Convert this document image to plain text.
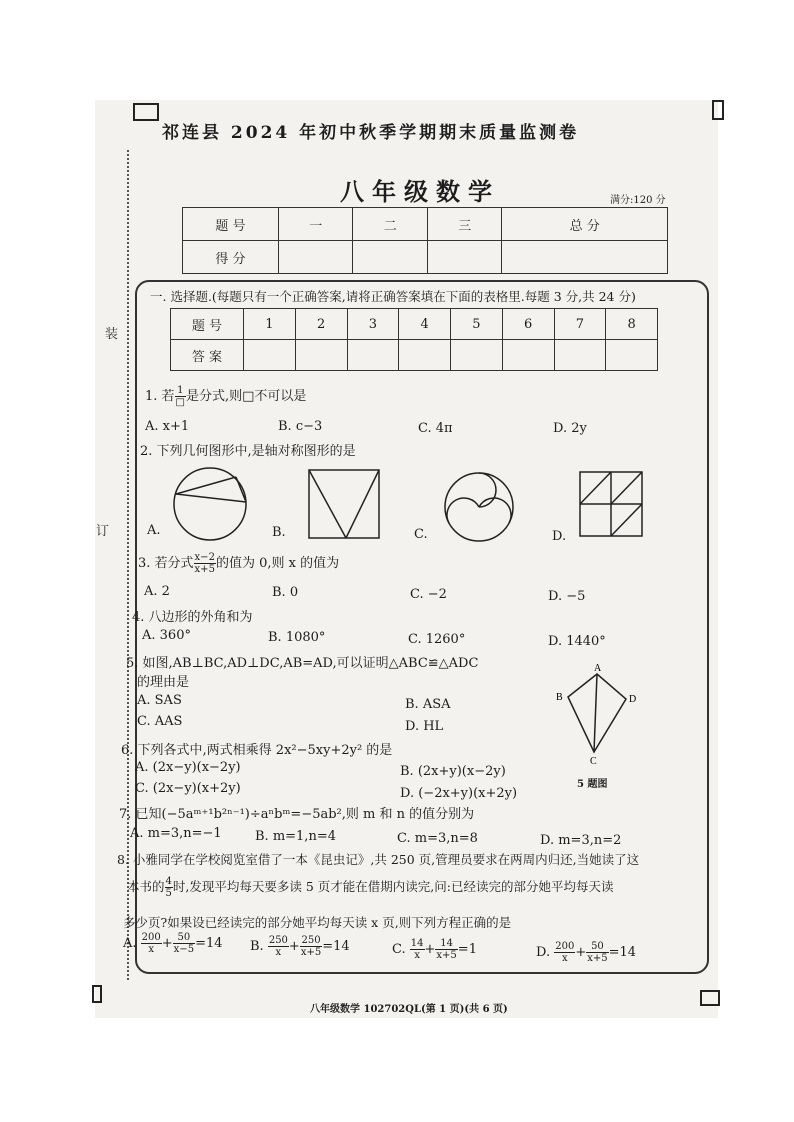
装
订
祁连县 2024 年初中秋季学期期末质量监测卷
八年级数学	满分:120 分
题 号	一	二	三	总 分
得 分				
一. 选择题.(每题只有一个正确答案,请将正确答案填在下面的表格里.每题 3 分,共 24 分)
题 号	1	2	3	4	5	6	7	8
答 案								
1. 若 $\frac{1}{□}$ 是分式,则□不可以是
A. x+1	B. c−3	C. 4π	D. 2y
2. 下列几何图形中,是轴对称图形的是
A.	B.	C.	D.
3. 若分式 $\frac{x-2}{x+5}$ 的值为 0,则 x 的值为
A. 2	B. 0	C. −2	D. −5
4. 八边形的外角和为
A. 360°	B. 1080°	C. 1260°	D. 1440°
5. 如图,AB⊥BC,AD⊥DC,AB=AD,可以证明△ABC≌△ADC
的理由是
A. SAS	B. ASA
C. AAS	D. HL
A
B
C
D
5 题图
6. 下列各式中,两式相乘得 2x²−5xy+2y² 的是
A. (2x−y)(x−2y)	B. (2x+y)(x−2y)
C. (2x−y)(x+2y)	D. (−2x+y)(x+2y)
7. 已知(−5aᵐ⁺¹b²ⁿ⁻¹)÷aⁿbᵐ=−5ab²,则 m 和 n 的值分别为
A. m=3,n=−1	B. m=1,n=4	C. m=3,n=8	D. m=3,n=2
8. 小雅同学在学校阅览室借了一本《昆虫记》,共 250 页,管理员要求在两周内归还,当她读了这
本书的 $\frac{4}{5}$ 时,发现平均每天要多读 5 页才能在借期内读完,问:已经读完的部分她平均每天读
多少页?如果设已经读完的部分她平均每天读 x 页,则下列方程正确的是
A. $\frac{200}{x} + \frac{50}{x-5} =14$ B. $\frac{250}{x} + \frac{250}{x+5} =14$	C. $\frac{14}{x} + \frac{14}{x+5} =1$	D. $\frac{200}{x} + \frac{50}{x+5} =14$
八年级数学 102702QL(第 1 页)(共 6 页)
